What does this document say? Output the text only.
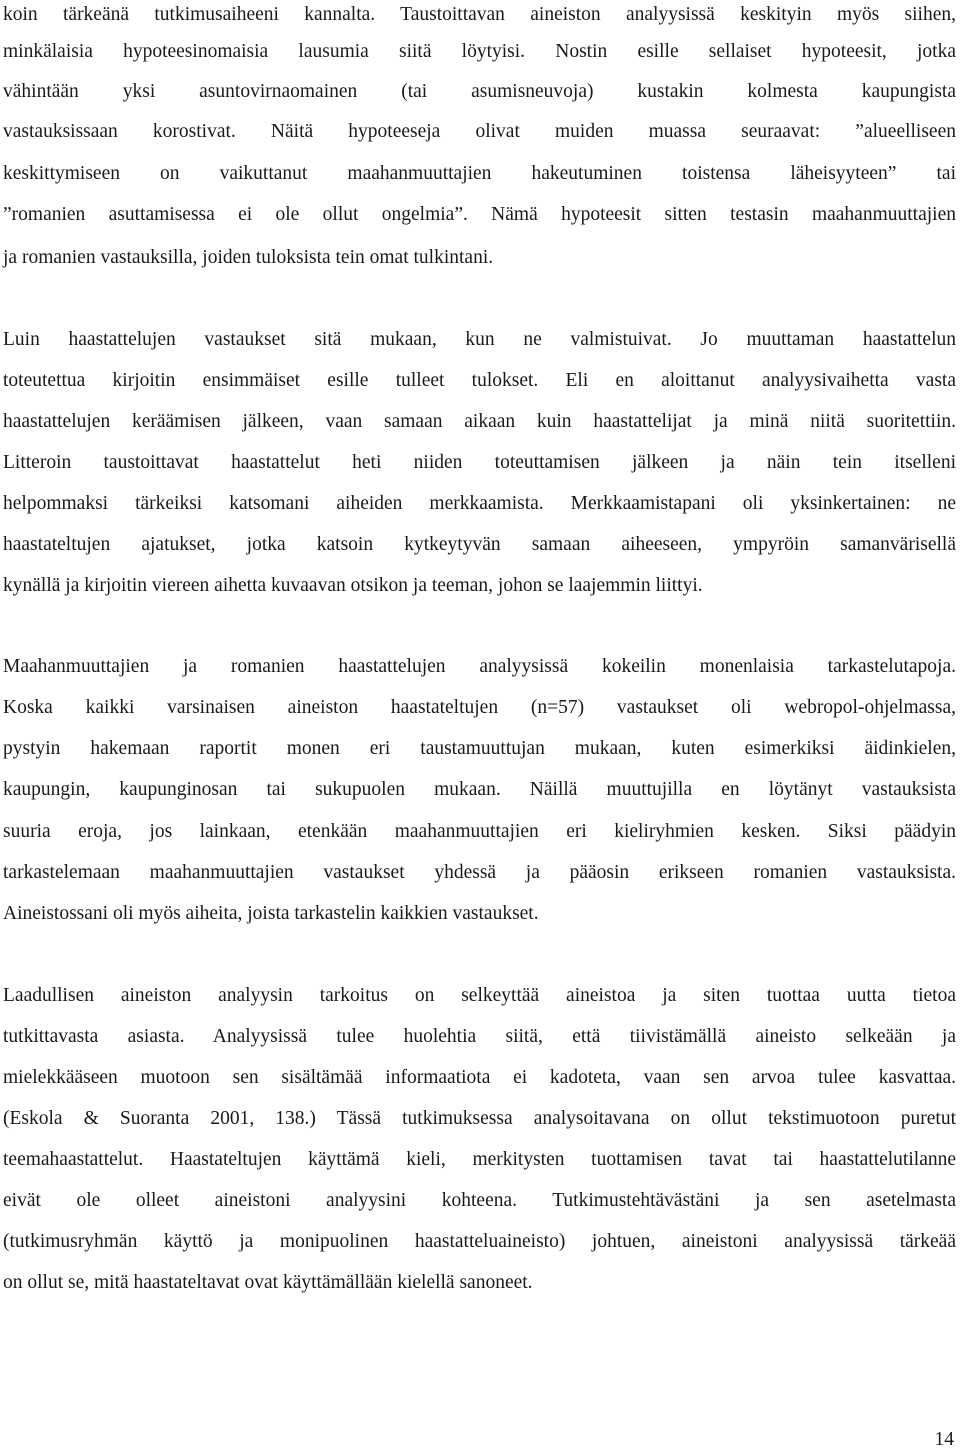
koin tärkeänä tutkimusaiheeni kannalta. Taustoittavan aineiston analyysissä keskityin myös siihen,
minkälaisia hypoteesinomaisia lausumia siitä löytyisi. Nostin esille sellaiset hypoteesit, jotka
vähintään yksi asuntovirnaomainen (tai asumisneuvoja) kustakin kolmesta kaupungista
vastauksissaan korostivat. Näitä hypoteeseja olivat muiden muassa seuraavat: ”alueelliseen
keskittymiseen on vaikuttanut maahanmuuttajien hakeutuminen toistensa läheisyyteen” tai
”romanien asuttamisessa ei ole ollut ongelmia”. Nämä hypoteesit sitten testasin maahanmuuttajien
ja romanien vastauksilla, joiden tuloksista tein omat tulkintani.
Luin haastattelujen vastaukset sitä mukaan, kun ne valmistuivat. Jo muuttaman haastattelun
toteutettua kirjoitin ensimmäiset esille tulleet tulokset. Eli en aloittanut analyysivaihetta vasta
haastattelujen keräämisen jälkeen, vaan samaan aikaan kuin haastattelijat ja minä niitä suoritettiin.
Litteroin taustoittavat haastattelut heti niiden toteuttamisen jälkeen ja näin tein itselleni
helpommaksi tärkeiksi katsomani aiheiden merkkaamista. Merkkaamistapani oli yksinkertainen: ne
haastateltujen ajatukset, jotka katsoin kytkeytyvän samaan aiheeseen, ympyröin samanvärisellä
kynällä ja kirjoitin viereen aihetta kuvaavan otsikon ja teeman, johon se laajemmin liittyi.
Maahanmuuttajien ja romanien haastattelujen analyysissä kokeilin monenlaisia tarkastelutapoja.
Koska kaikki varsinaisen aineiston haastateltujen (n=57) vastaukset oli webropol-ohjelmassa,
pystyin hakemaan raportit monen eri taustamuuttujan mukaan, kuten esimerkiksi äidinkielen,
kaupungin, kaupunginosan tai sukupuolen mukaan. Näillä muuttujilla en löytänyt vastauksista
suuria eroja, jos lainkaan, etenkään maahanmuuttajien eri kieliryhmien kesken. Siksi päädyin
tarkastelemaan maahanmuuttajien vastaukset yhdessä ja pääosin erikseen romanien vastauksista.
Aineistossani oli myös aiheita, joista tarkastelin kaikkien vastaukset.
Laadullisen aineiston analyysin tarkoitus on selkeyttää aineistoa ja siten tuottaa uutta tietoa
tutkittavasta asiasta. Analyysissä tulee huolehtia siitä, että tiivistämällä aineisto selkeään ja
mielekkääseen muotoon sen sisältämää informaatiota ei kadoteta, vaan sen arvoa tulee kasvattaa.
(Eskola & Suoranta 2001, 138.) Tässä tutkimuksessa analysoitavana on ollut tekstimuotoon puretut
teemahaastattelut. Haastateltujen käyttämä kieli, merkitysten tuottamisen tavat tai haastattelutilanne
eivät ole olleet aineistoni analyysini kohteena. Tutkimustehtävästäni ja sen asetelmasta
(tutkimusryhmän käyttö ja monipuolinen haastatteluaineisto) johtuen, aineistoni analyysissä tärkeää
on ollut se, mitä haastateltavat ovat käyttämällään kielellä sanoneet.
14
